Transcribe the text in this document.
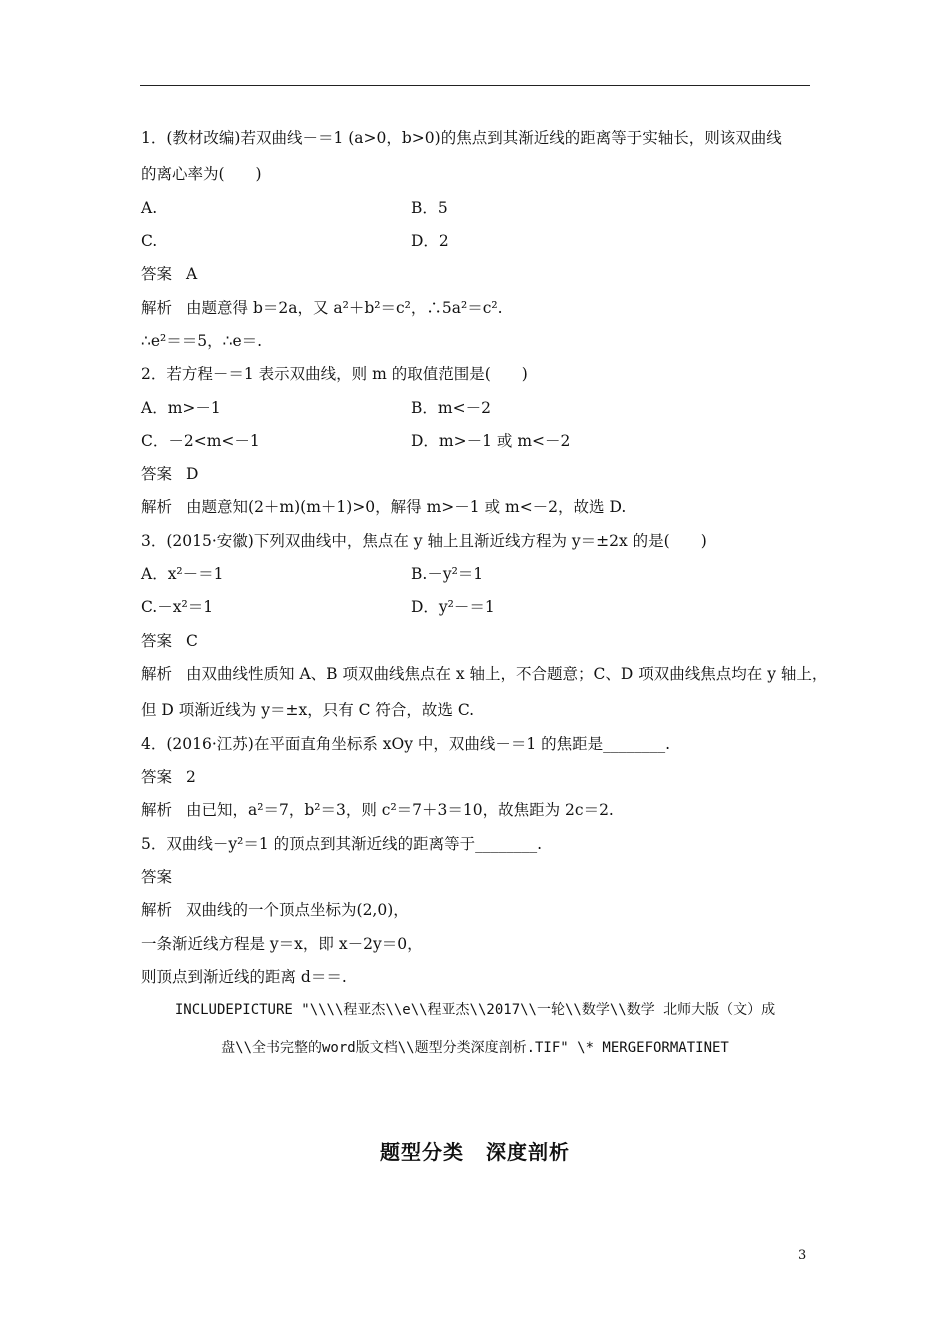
1．(教材改编)若双曲线－＝1 (a>0，b>0)的焦点到其渐近线的距离等于实轴长，则该双曲线
的离心率为(　　)
A.	B．5
C.	D．2
答案 A
解析 由题意得 b＝2a，又 a²＋b²＝c²，∴5a²＝c².
∴e²＝＝5，∴e＝.
2．若方程－＝1 表示双曲线，则 m 的取值范围是(　　)
A．m>－1	B．m<－2
C．－2<m<－1	D．m>－1 或 m<－2
答案 D
解析 由题意知(2＋m)(m＋1)>0，解得 m>－1 或 m<－2，故选 D.
3．(2015·安徽)下列双曲线中，焦点在 y 轴上且渐近线方程为 y＝±2x 的是(　　)
A．x²－＝1	B.－y²＝1
C.－x²＝1	D．y²－＝1
答案 C
解析 由双曲线性质知 A、B 项双曲线焦点在 x 轴上，不合题意；C、D 项双曲线焦点均在 y 轴上，
但 D 项渐近线为 y＝±x，只有 C 符合，故选 C.
4．(2016·江苏)在平面直角坐标系 xOy 中，双曲线－＝1 的焦距是________.
答案 2
解析 由已知，a²＝7，b²＝3，则 c²＝7＋3＝10，故焦距为 2c＝2.
5．双曲线－y²＝1 的顶点到其渐近线的距离等于________.
答案
解析 双曲线的一个顶点坐标为(2,0)，
一条渐近线方程是 y＝x，即 x－2y＝0，
则顶点到渐近线的距离 d＝＝.
INCLUDEPICTURE "\\\\程亚杰\\e\\程亚杰\\2017\\一轮\\数学\\数学 北师大版（文）成
盘\\全书完整的word版文档\\题型分类深度剖析.TIF" \* MERGEFORMATINET
题型分类 深度剖析
3
